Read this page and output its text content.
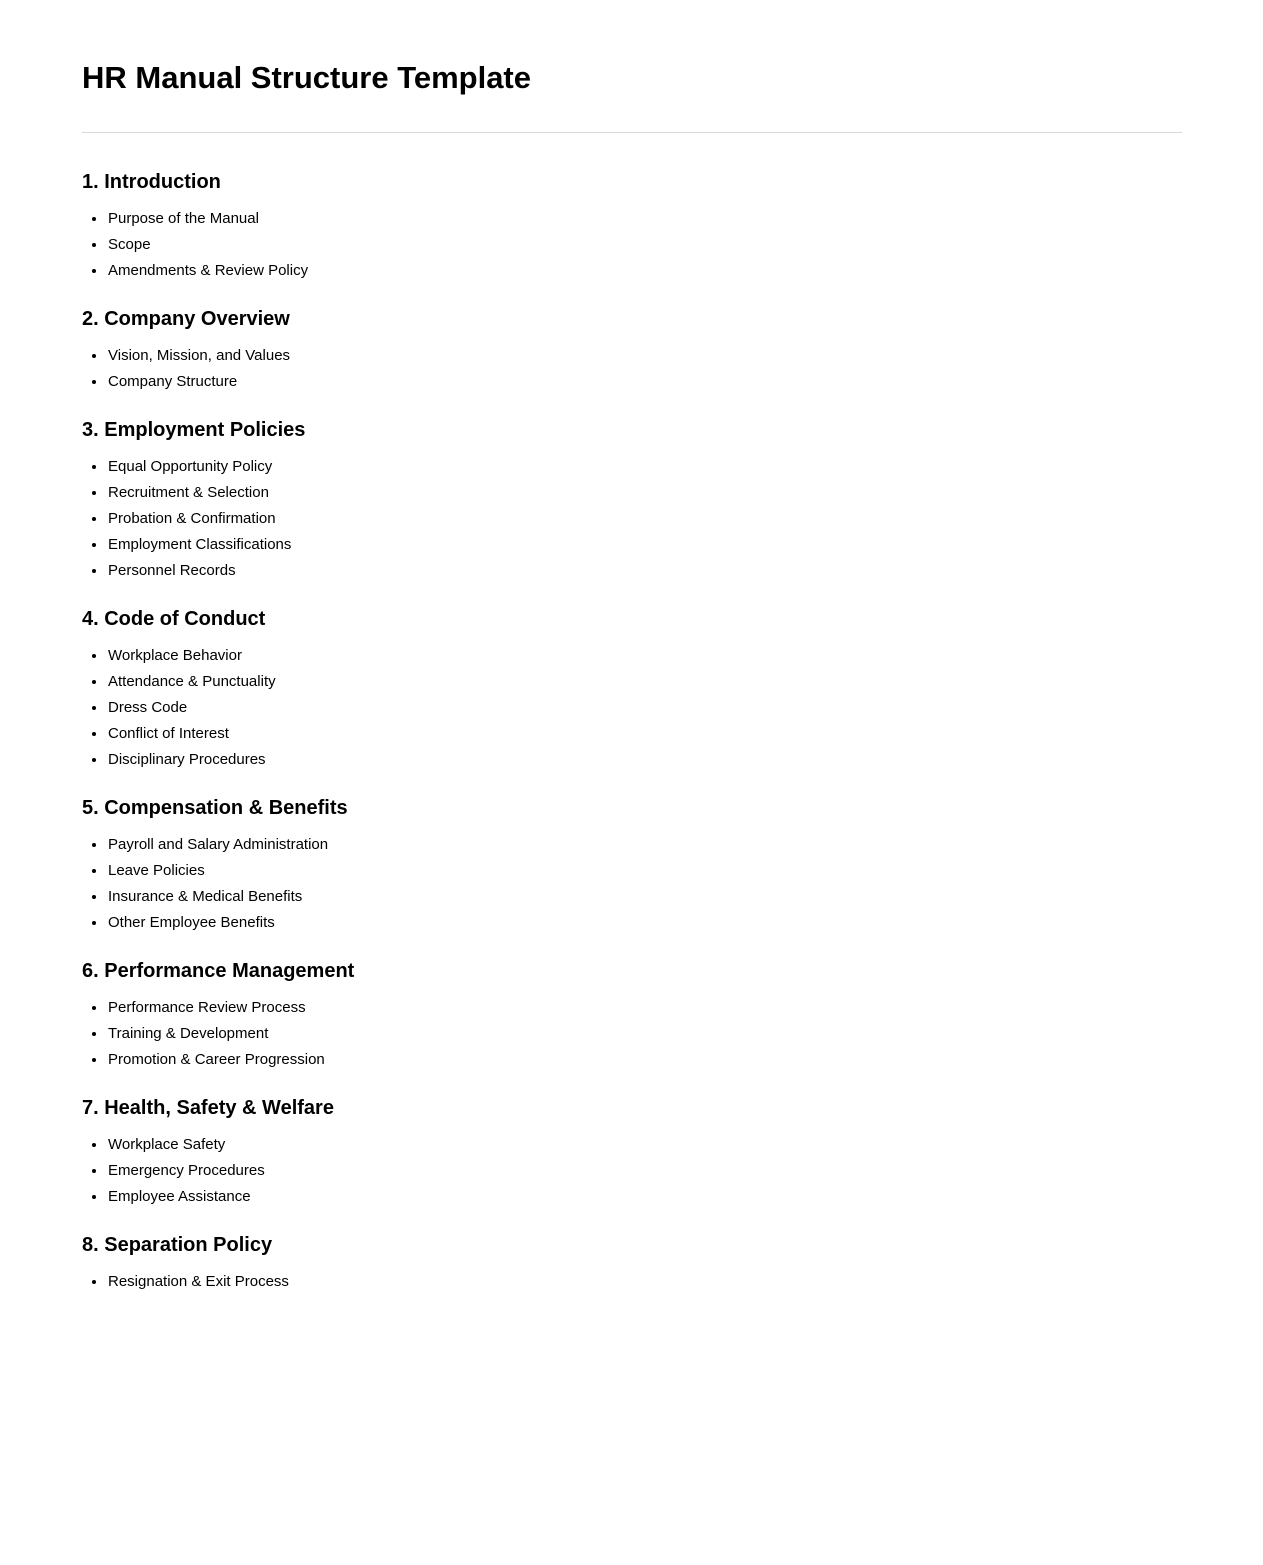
HR Manual Structure Template
1. Introduction
• Purpose of the Manual
• Scope
• Amendments & Review Policy
2. Company Overview
• Vision, Mission, and Values
• Company Structure
3. Employment Policies
• Equal Opportunity Policy
• Recruitment & Selection
• Probation & Confirmation
• Employment Classifications
• Personnel Records
4. Code of Conduct
• Workplace Behavior
• Attendance & Punctuality
• Dress Code
• Conflict of Interest
• Disciplinary Procedures
5. Compensation & Benefits
• Payroll and Salary Administration
• Leave Policies
• Insurance & Medical Benefits
• Other Employee Benefits
6. Performance Management
• Performance Review Process
• Training & Development
• Promotion & Career Progression
7. Health, Safety & Welfare
• Workplace Safety
• Emergency Procedures
• Employee Assistance
8. Separation Policy
• Resignation & Exit Process
